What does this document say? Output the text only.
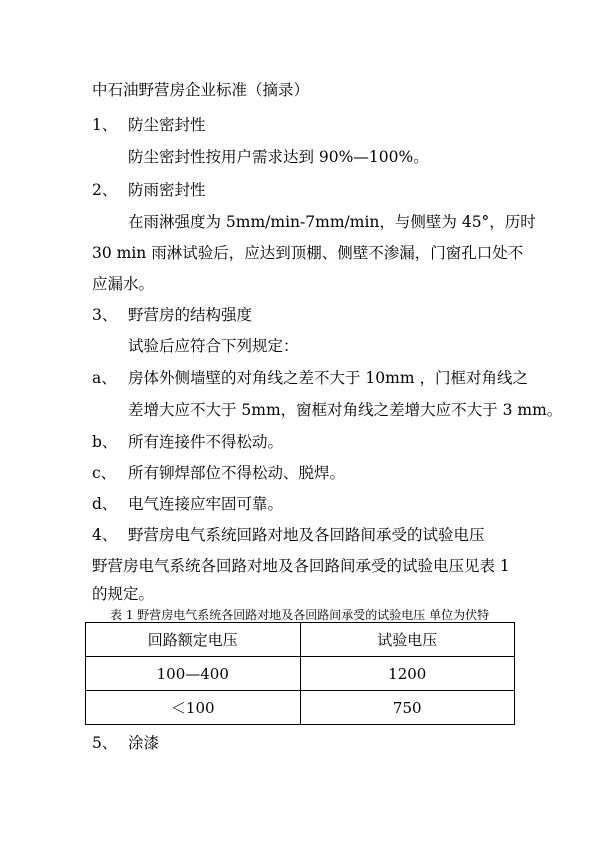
中石油野营房企业标准（摘录）
1、 防尘密封性
防尘密封性按用户需求达到 90%—100%。
2、 防雨密封性
在雨淋强度为 5mm/min-7mm/min，与侧壁为 45°，历时
30 min 雨淋试验后，应达到顶棚、侧壁不渗漏，门窗孔口处不
应漏水。
3、 野营房的结构强度
试验后应符合下列规定：
a、 房体外侧墙壁的对角线之差不大于 10mm ，门框对角线之
差增大应不大于 5mm，窗框对角线之差增大应不大于 3 mm。
b、 所有连接件不得松动。
c、 所有铆焊部位不得松动、脱焊。
d、 电气连接应牢固可靠。
4、 野营房电气系统回路对地及各回路间承受的试验电压
野营房电气系统各回路对地及各回路间承受的试验电压见表 1
的规定。
表 1 野营房电气系统各回路对地及各回路间承受的试验电压 单位为伏特
回路额定电压	试验电压
100—400	1200
＜100	750
5、 涂漆
